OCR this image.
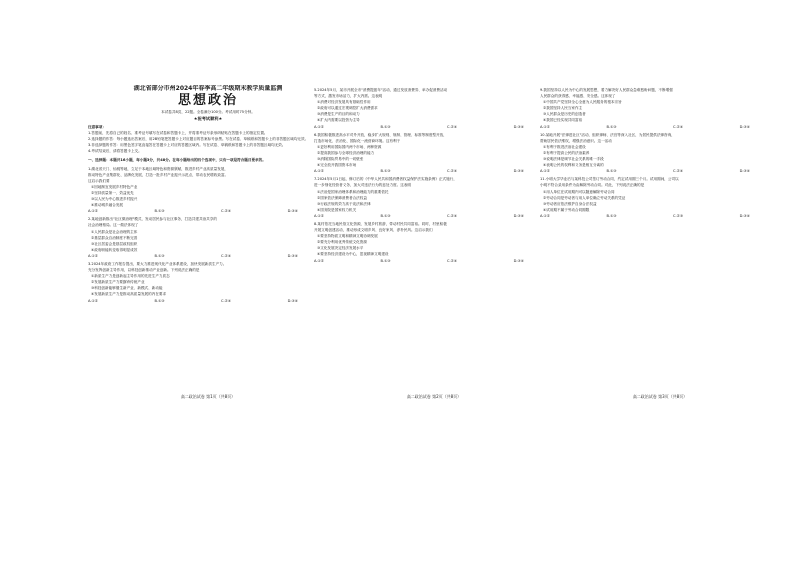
湖北省部分市州2024年春季高二年级期末教学质量监测

思想政治

本试卷共8页，22题。全卷满分100分。考试用时75分钟。

★祝考试顺利★

注意事项：

1.答题前，先将自己的姓名、准考证号填写在试卷和答题卡上，并将准考证号条形码粘贴在答题卡上的指定位置。

2.选择题的作答：每小题选出答案后，用2B铅笔把答题卡上对应题目的答案标号涂黑。写在试卷、草稿纸和答题卡上的非答题区域均无效。

3.非选择题的作答：用黑色签字笔直接答在答题卡上对应的答题区域内。写在试卷、草稿纸和答题卡上的非答题区域均无效。

4.考试结束后，请将答题卡上交。

一、选择题：本题共16小题，每小题3分，共48分。在每小题给出的四个选项中，只有一项是符合题目要求的。

1.湖北省天门、仙桃等地，立足于本地区域特色和资源禀赋，推进乡村产业高质量发展，

推动特色产业集群化、品牌化发展，打造一批乡村产业振兴示范点，带动农民增收致富。

这启示我们要

①因地制宜发展乡村特色产业

②坚持质量第一、效益优先

③以人民为中心推进乡村振兴

④推动城乡融合发展

A.①②	B.①③	C.②④	D.③④

2.某地创新推出"社区微治理"模式，发动居民参与社区事务，打造共建共治共享的

社会治理格局。这一做法体现了

①人民群众是社会治理的主体

②基层群众自治制度不断完善

③社区居委会是基层政权组织

④政府职能转变取得明显成效

A.①②	B.①③	C.②④	D.③④

3.2024年政府工作报告提出，要大力推进现代化产业体系建设，加快发展新质生产力。

充分发挥创新主导作用，以科技创新推动产业创新。下列说法正确的是

①新质生产力是创新起主导作用的先进生产力质态

②发展新质生产力要摒弃传统产业

③科技创新能够催生新产业、新模式、新动能

④发展新质生产力是推动高质量发展的内在要求

A.①②	B.①③	C.②④	D.③④

5.2024年5月，某市开展全市"消费提振年"活动，通过发放消费券、举办促消费活动

等方式，激发市场活力，扩大内需。这表明

①消费对经济发展具有基础性作用

②政府可以通过宏观调控扩大消费需求

③消费是生产的目的和动力

④扩大内需要以投资为主导

A.①②	B.①③	C.②④	D.③④

6.我国积极推进高水平对外开放，稳步扩大规则、规制、管理、标准等制度型开放，

打造市场化、法治化、国际化一流营商环境。这有利于

①更好利用国际国内两个市场、两种资源

②提高我国参与全球经济治理的能力

③消除国际贸易中的一切壁垒

④完全放开我国资本市场

A.①②	B.①③	C.②④	D.③④

7.2024年5月1日起，修订后的《中华人民共和国消费者权益保护法实施条例》正式施行，

进一步细化经营者义务，加大对违法行为的惩处力度。这表明

①法治是国家治理体系和治理能力的重要依托

②国家依法保障消费者合法权益

③行政法规的效力高于宪法和法律

④国务院是国家权力机关

A.①②	B.①③	C.②④	D.③④

8.某村依托当地民俗文化资源，发展乡村旅游，带动村民共同富裕。同时，村里积极

开展文明创建活动，推动形成文明乡风、良好家风、淳朴民风。这启示我们

①要坚持物质文明和精神文明协调发展

②要充分利用优秀传统文化资源

③文化发展决定经济发展水平

④要坚持经济建设为中心，忽视精神文明建设

A.①②	B.①③	C.②④	D.③④

9.我国坚持以人民为中心的发展思想，着力解决好人民群众急难愁盼问题，不断增强

人民群众的获得感、幸福感、安全感。这体现了

①中国共产党坚持全心全意为人民服务的根本宗旨

②我国坚持人民当家作主

③人民群众是历史的创造者

④我国已经实现共同富裕

A.①②	B.①③	C.②④	D.③④

10.某地开展"法律进社区"活动，组织律师、法官等深入社区，为居民提供法律咨询，

帮助居民依法维权，增强法治意识。这一活动

①有利于推进法治社会建设

②有利于提高公民的法治素养

③说明法律是调节社会关系的唯一手段

④表明公民的权利和义务是相互分离的

A.①②	B.①③	C.②④	D.③④

11.小明大学毕业后与某科技公司签订劳动合同，约定试用期三个月。试用期间，公司以

小明不符合录用条件为由解除劳动合同。对此，下列说法正确的是

①用人单位在试用期内可以随意解除劳动合同

②劳动合同是劳动者与用人单位确立劳动关系的凭证

③劳动者应依法维护自身合法权益

④试用期不属于劳动合同期限

A.①②	B.①③	C.②③	D.③④
高二政治试卷 第1页（共8页）	高二政治试卷 第2页（共8页）	高二政治试卷 第3页（共8页）
